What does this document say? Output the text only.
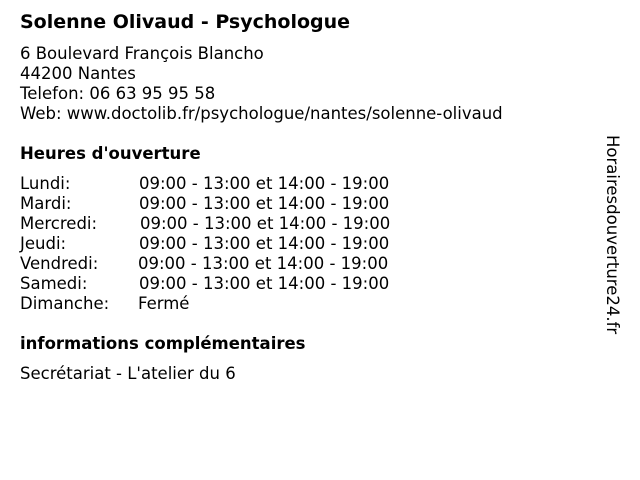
Solenne Olivaud - Psychologue
6 Boulevard François Blancho
44200 Nantes
Telefon: 06 63 95 95 58
Web: www.doctolib.fr/psychologue/nantes/solenne-olivaud
Heures d'ouverture
Lundi:	09:00 - 13:00 et 14:00 - 19:00
Mardi:	09:00 - 13:00 et 14:00 - 19:00
Mercredi:	09:00 - 13:00 et 14:00 - 19:00
Jeudi:	09:00 - 13:00 et 14:00 - 19:00
Vendredi: 09:00 - 13:00 et 14:00 - 19:00
Samedi:	09:00 - 13:00 et 14:00 - 19:00
Dimanche: Fermé
informations complémentaires
Secrétariat - L'atelier du 6
Horairesdouverture24.fr
